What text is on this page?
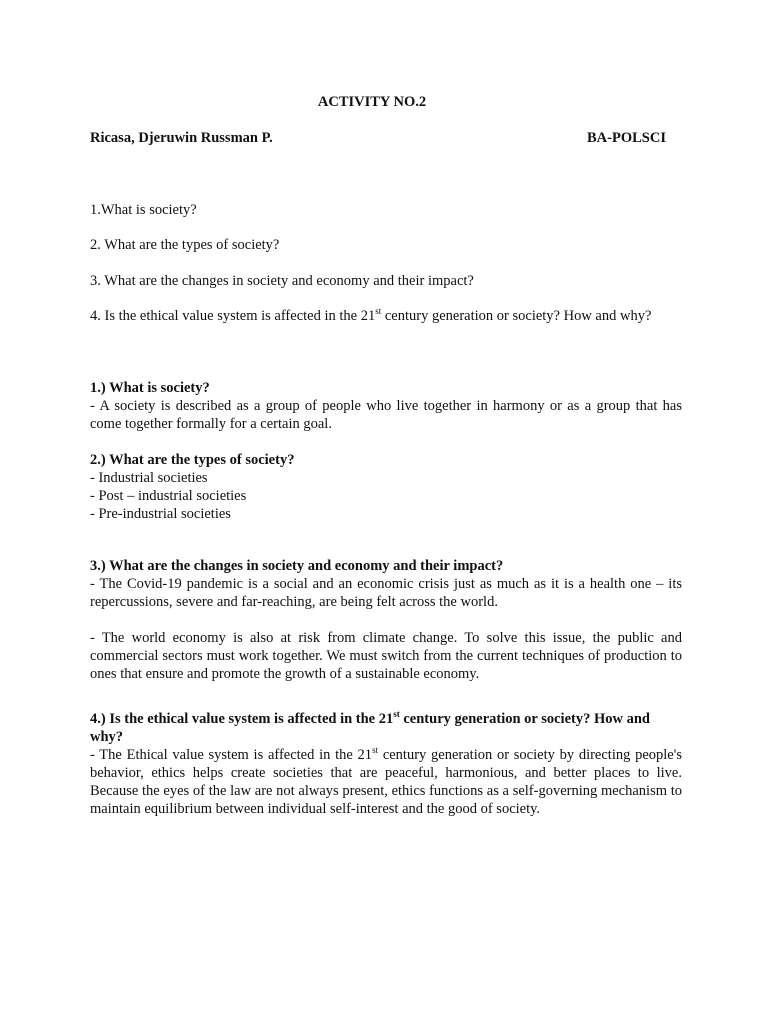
ACTIVITY NO.2
Ricasa, Djeruwin Russman P.	BA-POLSCI
1.What is society?
2. What are the types of society?
3. What are the changes in society and economy and their impact?
4. Is the ethical value system is affected in the 21st century generation or society? How and why?
1.) What is society?

- A society is described as a group of people who live together in harmony or as a group that has come together formally for a certain goal.

2.) What are the types of society?

- Industrial societies

- Post – industrial societies

- Pre-industrial societies

3.) What are the changes in society and economy and their impact?

- The Covid-19 pandemic is a social and an economic crisis just as much as it is a health one – its repercussions, severe and far-reaching, are being felt across the world.

- The world economy is also at risk from climate change. To solve this issue, the public and commercial sectors must work together. We must switch from the current techniques of production to ones that ensure and promote the growth of a sustainable economy.

4.) Is the ethical value system is affected in the 21st century generation or society? How and why?

- The Ethical value system is affected in the 21st century generation or society by directing people's behavior, ethics helps create societies that are peaceful, harmonious, and better places to live. Because the eyes of the law are not always present, ethics functions as a self-governing mechanism to maintain equilibrium between individual self-interest and the good of society.
